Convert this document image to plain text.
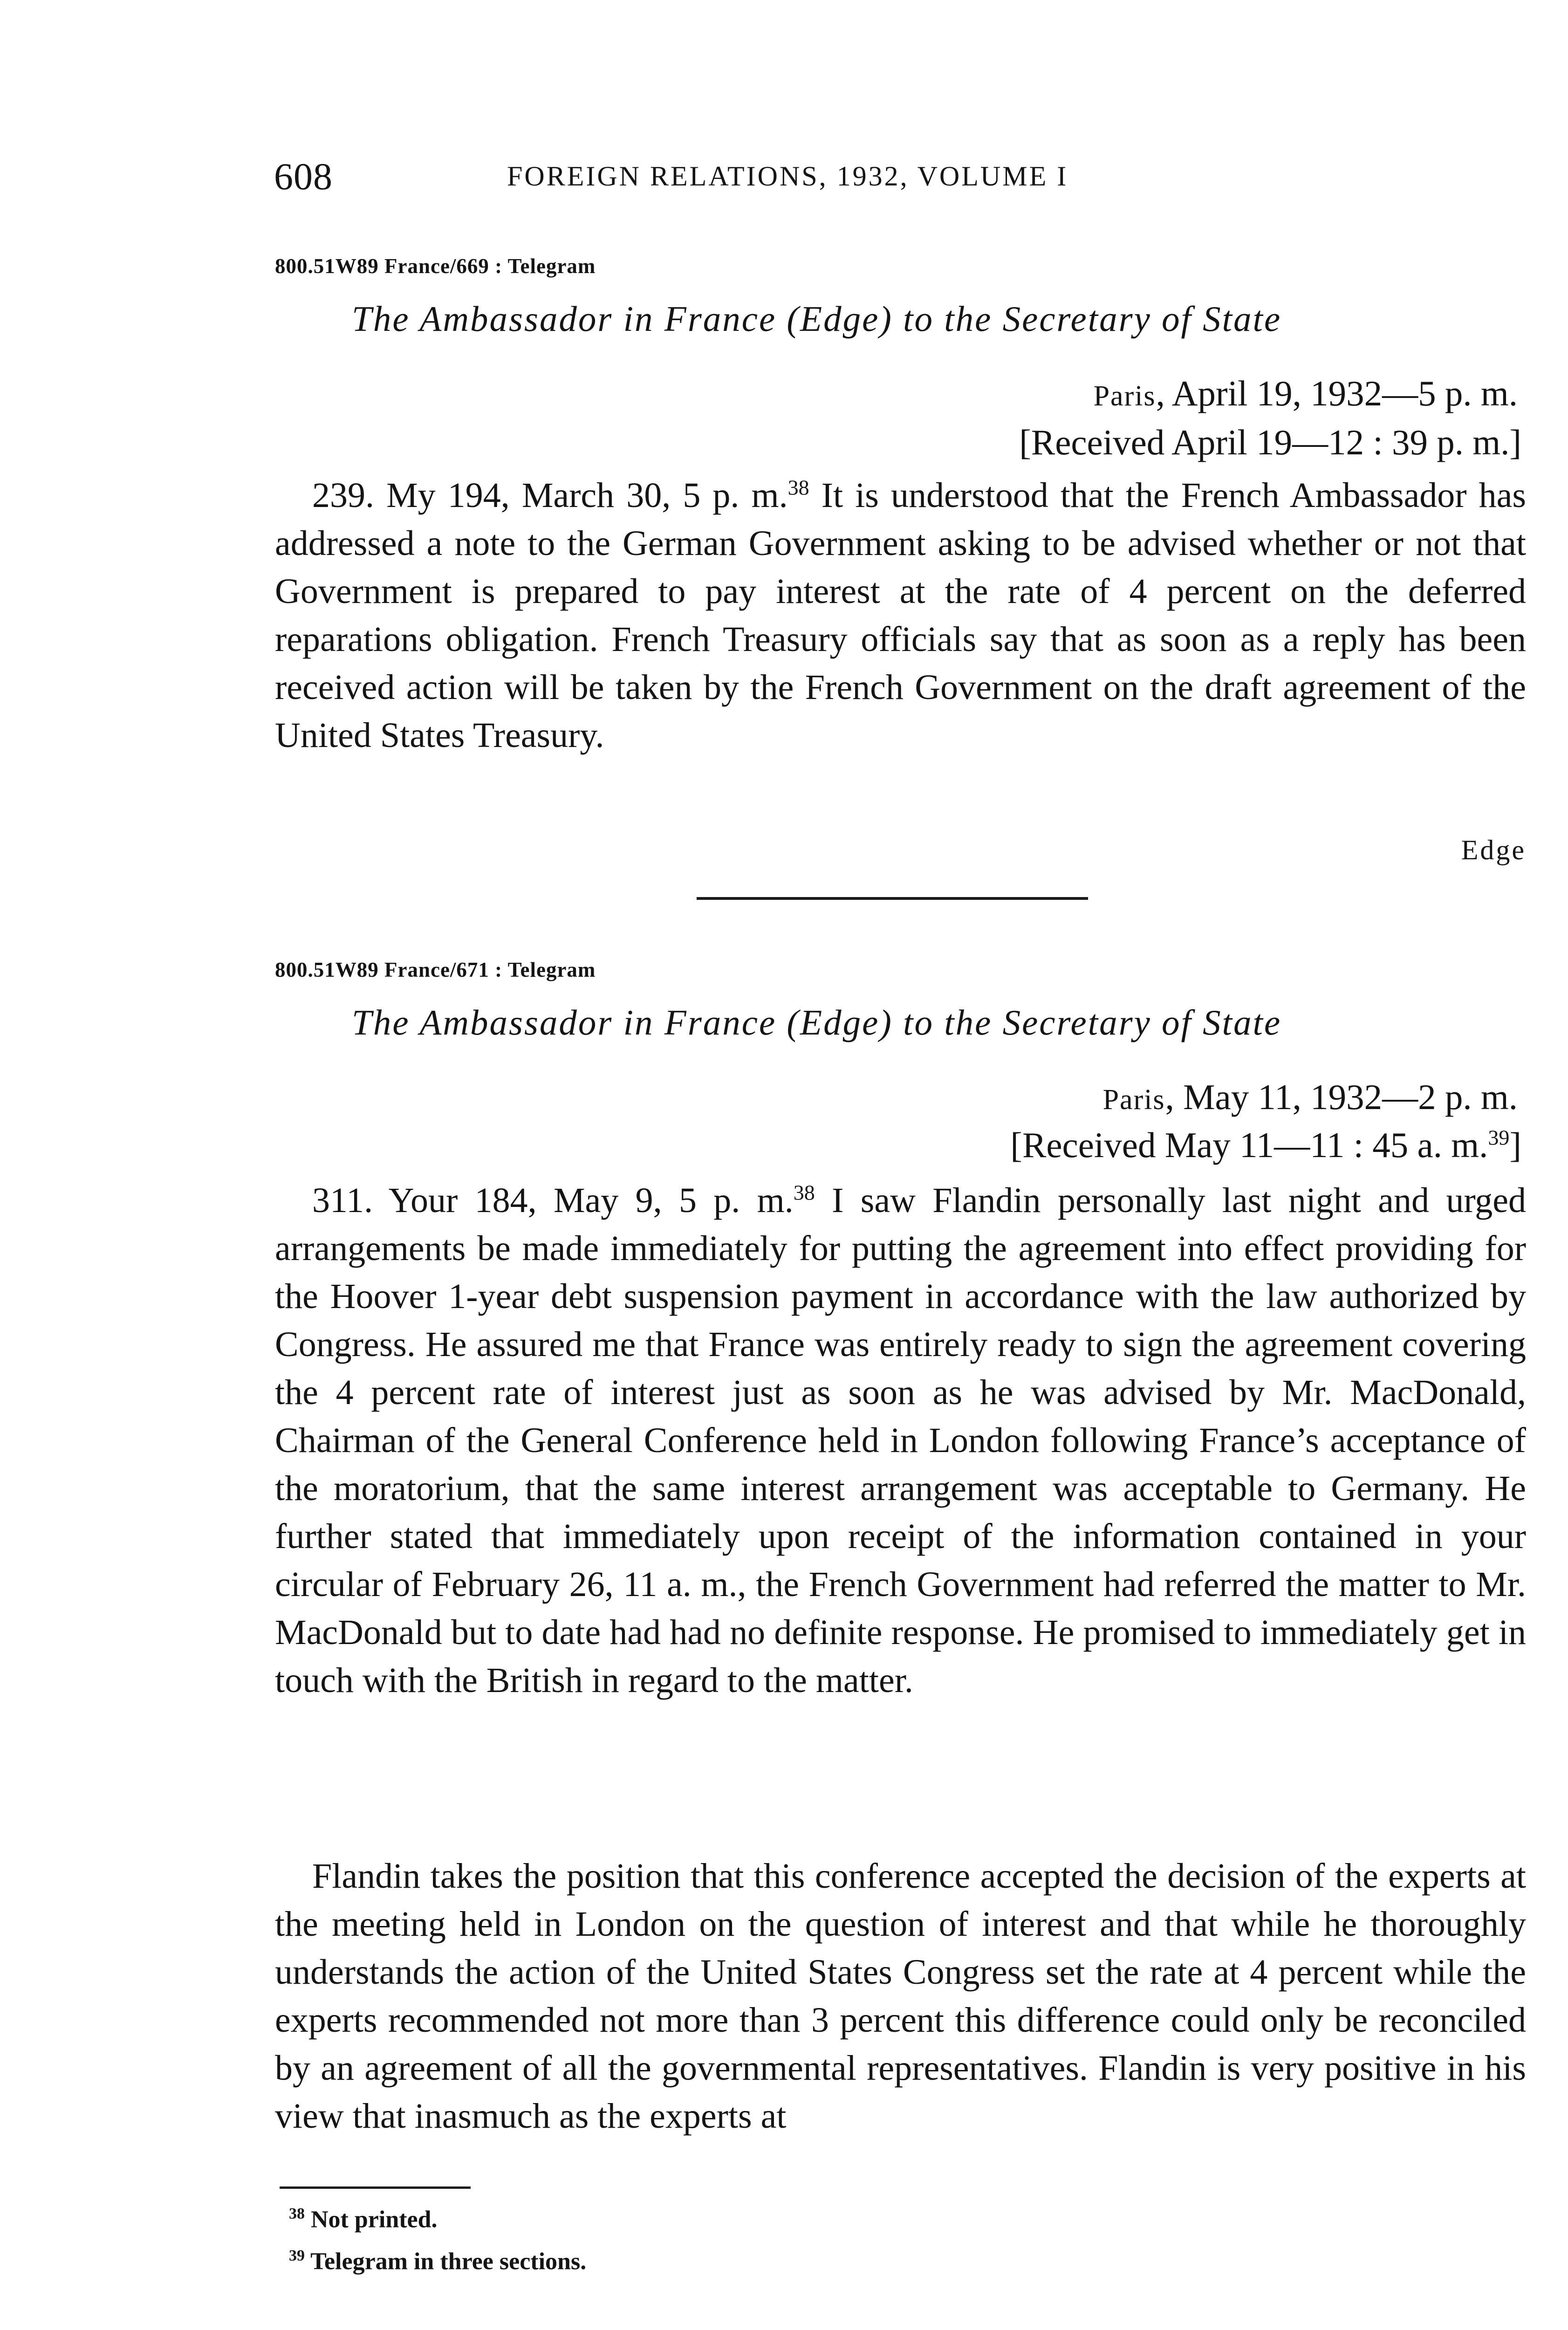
608	FOREIGN RELATIONS, 1932, VOLUME I
800.51W89 France/669 : Telegram
The Ambassador in France (Edge) to the Secretary of State
Paris, April 19, 1932—5 p. m.
[Received April 19—12 : 39 p. m.]

239. My 194, March 30, 5 p. m.$^{38}$ It is understood that the French Ambassador has addressed a note to the German Government asking to be advised whether or not that Government is prepared to pay interest at the rate of 4 percent on the deferred reparations obligation. French Treasury officials say that as soon as a reply has been received action will be taken by the French Government on the draft agreement of the United States Treasury.

Edge
800.51W89 France/671 : Telegram
The Ambassador in France (Edge) to the Secretary of State
Paris, May 11, 1932—2 p. m.
[Received May 11—11 : 45 a. m.$^{39}$]

311. Your 184, May 9, 5 p. m.$^{38}$ I saw Flandin personally last night and urged arrangements be made immediately for putting the agreement into effect providing for the Hoover 1-year debt suspension payment in accordance with the law authorized by Congress. He assured me that France was entirely ready to sign the agreement covering the 4 percent rate of interest just as soon as he was advised by Mr. MacDonald, Chairman of the General Conference held in London following France’s acceptance of the moratorium, that the same interest arrangement was acceptable to Germany. He further stated that immediately upon receipt of the information contained in your circular of February 26, 11 a. m., the French Government had referred the matter to Mr. MacDonald but to date had had no definite response. He promised to immediately get in touch with the British in regard to the matter.

Flandin takes the position that this conference accepted the decision of the experts at the meeting held in London on the question of interest and that while he thoroughly understands the action of the United States Congress set the rate at 4 percent while the experts recommended not more than 3 percent this difference could only be reconciled by an agreement of all the governmental representatives. Flandin is very positive in his view that inasmuch as the experts at

$^{38}$ Not printed.
$^{39}$ Telegram in three sections.
